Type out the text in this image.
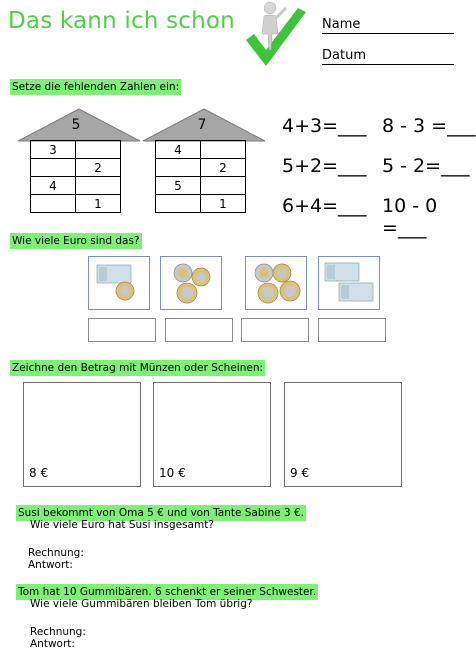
Das kann ich schon	Name
Datum
Setze die fehlenden Zahlen ein:
5
3	
	2
4	
	1
7
4	
	2
5	
	1
4+3=___
5+2=___
6+4=___
8 - 3 =___
5 - 2=___
10 - 0 =___
Wie viele Euro sind das?
Zeichne den Betrag mit Münzen oder Scheinen:
8 €	10 €	9 €
Susi bekommt von Oma 5 € und von Tante Sabine 3 €.
Wie viele Euro hat Susi insgesamt?
Rechnung:
Antwort:
Tom hat 10 Gummibären. 6 schenkt er seiner Schwester.
Wie viele Gummibären bleiben Tom übrig?
Rechnung:
Antwort:
